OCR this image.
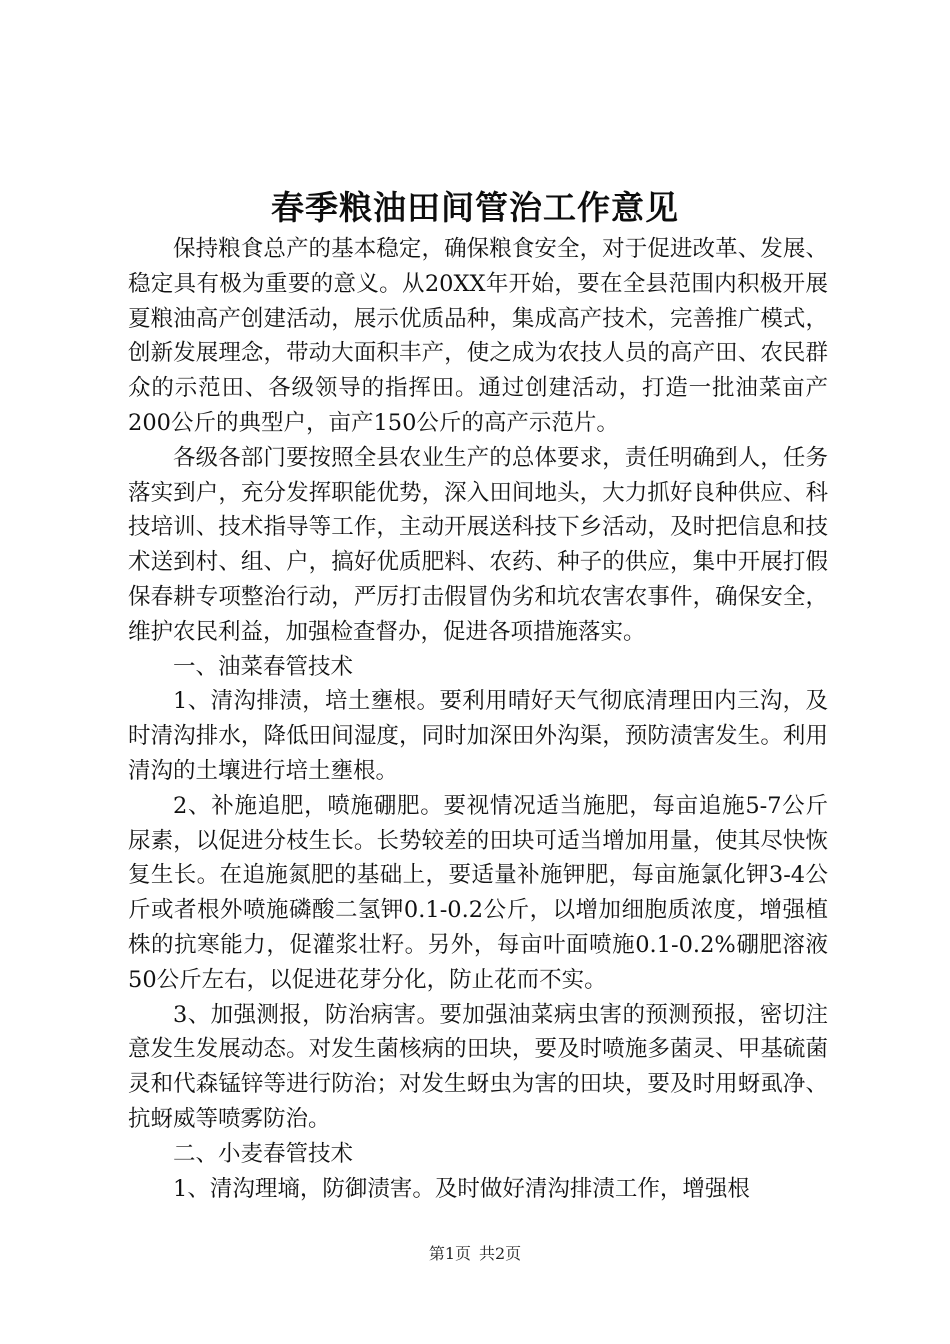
春季粮油田间管治工作意见

保持粮食总产的基本稳定，确保粮食安全，对于促进改革、发展、稳定具有极为重要的意义。从20XX年开始，要在全县范围内积极开展夏粮油高产创建活动，展示优质品种，集成高产技术，完善推广模式，创新发展理念，带动大面积丰产，使之成为农技人员的高产田、农民群众的示范田、各级领导的指挥田。通过创建活动，打造一批油菜亩产200公斤的典型户，亩产150公斤的高产示范片。

各级各部门要按照全县农业生产的总体要求，责任明确到人，任务落实到户，充分发挥职能优势，深入田间地头，大力抓好良种供应、科技培训、技术指导等工作，主动开展送科技下乡活动，及时把信息和技术送到村、组、户，搞好优质肥料、农药、种子的供应，集中开展打假保春耕专项整治行动，严厉打击假冒伪劣和坑农害农事件，确保安全，维护农民利益，加强检查督办，促进各项措施落实。

一、油菜春管技术

1、清沟排渍，培土壅根。要利用晴好天气彻底清理田内三沟，及时清沟排水，降低田间湿度，同时加深田外沟渠，预防渍害发生。利用清沟的土壤进行培土壅根。

2、补施追肥，喷施硼肥。要视情况适当施肥，每亩追施5-7公斤尿素，以促进分枝生长。长势较差的田块可适当增加用量，使其尽快恢复生长。在追施氮肥的基础上，要适量补施钾肥，每亩施氯化钾3-4公斤或者根外喷施磷酸二氢钾0.1-0.2公斤，以增加细胞质浓度，增强植株的抗寒能力，促灌浆壮籽。另外，每亩叶面喷施0.1-0.2%硼肥溶液50公斤左右，以促进花芽分化，防止花而不实。

3、加强测报，防治病害。要加强油菜病虫害的预测预报，密切注意发生发展动态。对发生菌核病的田块，要及时喷施多菌灵、甲基硫菌灵和代森锰锌等进行防治；对发生蚜虫为害的田块，要及时用蚜虱净、抗蚜威等喷雾防治。

二、小麦春管技术

1、清沟理墒，防御渍害。及时做好清沟排渍工作，增强根

第1页 共2页
